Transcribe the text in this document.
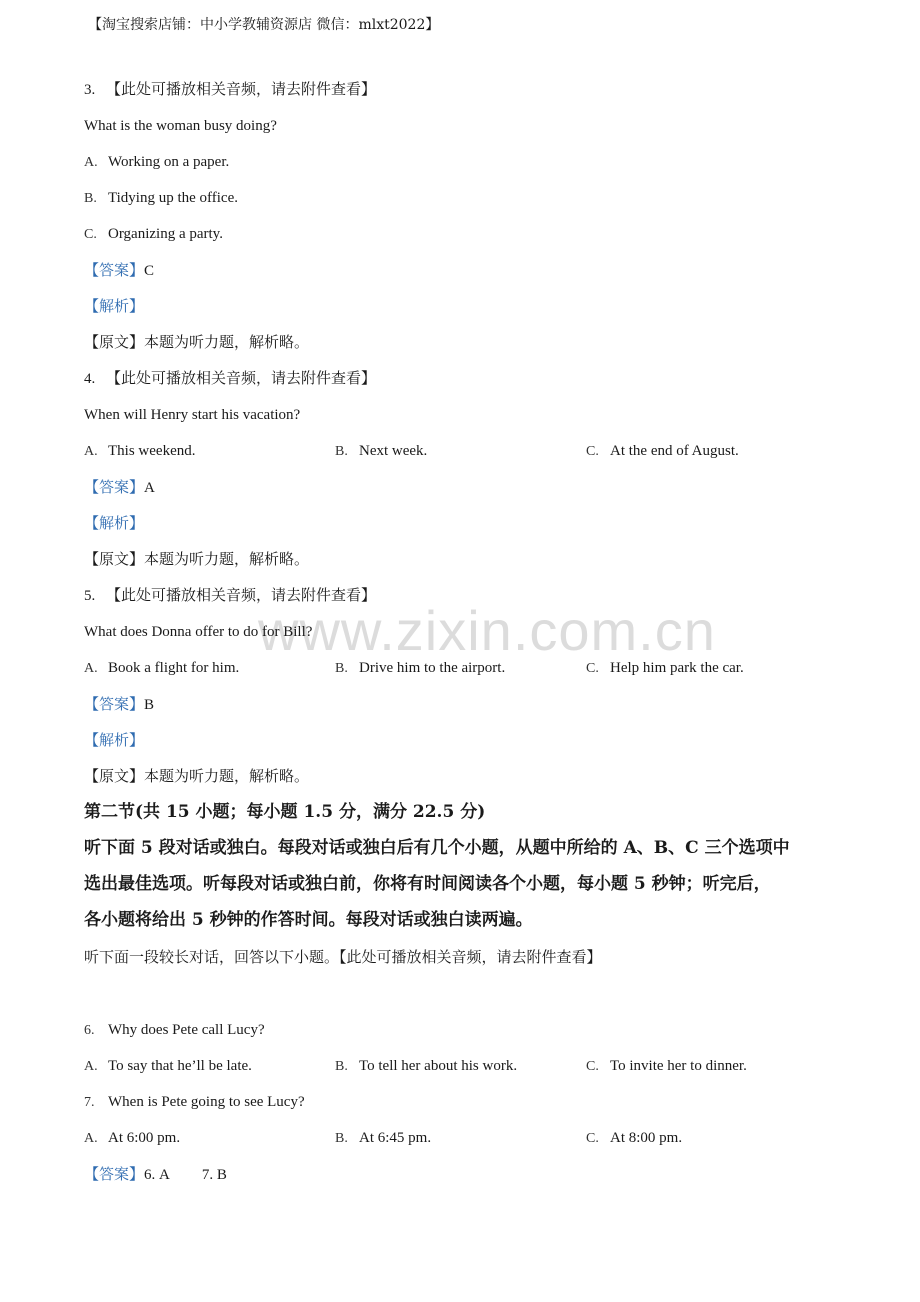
【淘宝搜索店铺：中小学教辅资源店 微信：mlxt2022】
www.zixin.com.cn
3. 【此处可播放相关音频，请去附件查看】
What is the woman busy doing?
A. Working on a paper.
B. Tidying up the office.
C. Organizing a party.
【答案】C
【解析】
【原文】本题为听力题，解析略。
4. 【此处可播放相关音频，请去附件查看】
When will Henry start his vacation?
A. This weekend.	B. Next week.	C. At the end of August.
【答案】A
【解析】
【原文】本题为听力题，解析略。
5. 【此处可播放相关音频，请去附件查看】
What does Donna offer to do for Bill?
A. Book a flight for him.	B. Drive him to the airport.	C. Help him park the car.
【答案】B
【解析】
【原文】本题为听力题，解析略。
第二节(共 15 小题；每小题 1.5 分，满分 22.5 分)
听下面 5 段对话或独白。每段对话或独白后有几个小题，从题中所给的 A、B、C 三个选项中
选出最佳选项。听每段对话或独白前，你将有时间阅读各个小题，每小题 5 秒钟；听完后，
各小题将给出 5 秒钟的作答时间。每段对话或独白读两遍。
听下面一段较长对话，回答以下小题。【此处可播放相关音频，请去附件查看】
6. Why does Pete call Lucy?
A. To say that he’ll be late.	B. To tell her about his work.	C. To invite her to dinner.
7. When is Pete going to see Lucy?
A. At 6:00 pm.	B. At 6:45 pm.	C. At 8:00 pm.
【答案】6. A 7. B
